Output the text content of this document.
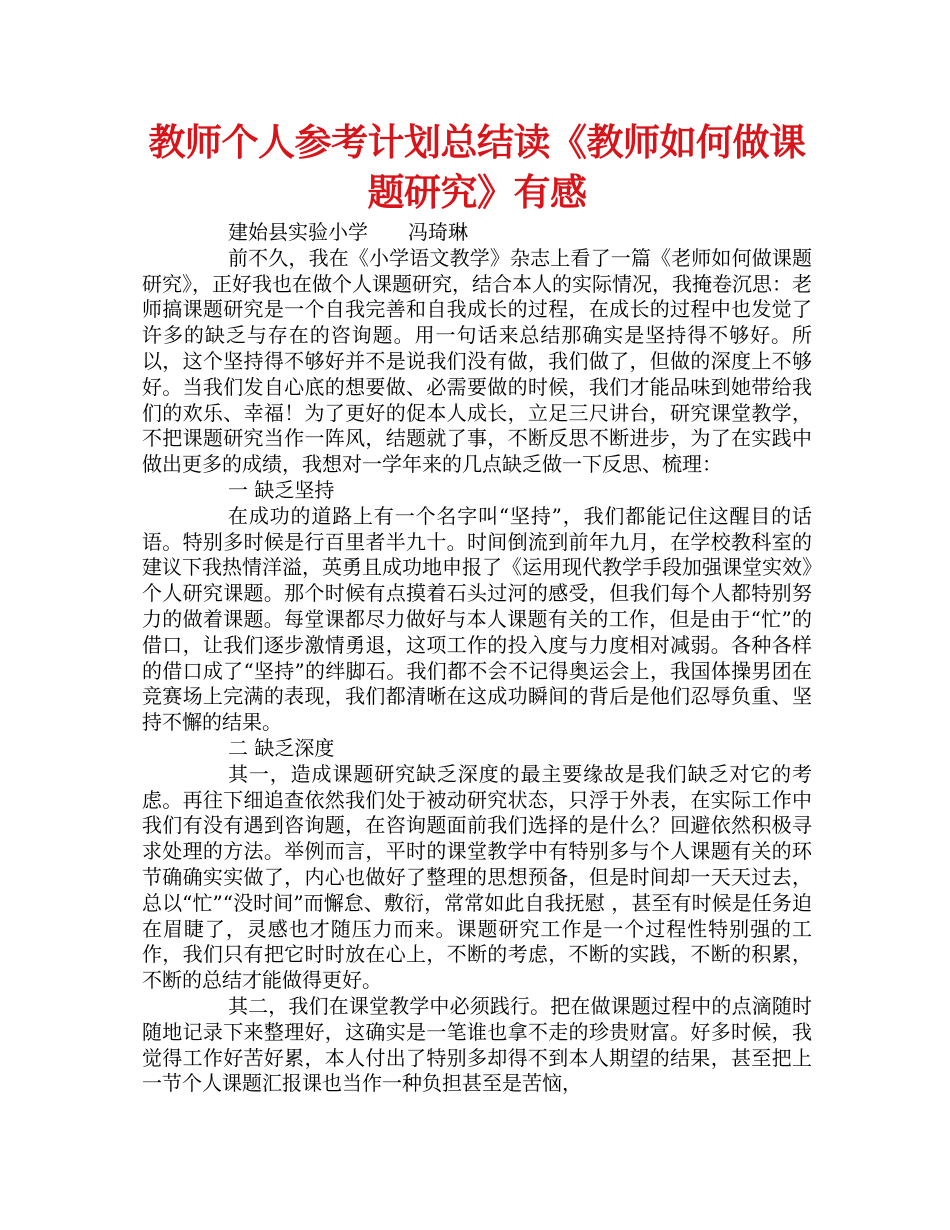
教师个人参考计划总结读《教师如何做课题研究》有感

建始县实验小学　　冯琦琳

前不久，我在《小学语文教学》杂志上看了一篇《老师如何做课题研究》，正好我也在做个人课题研究，结合本人的实际情况，我掩卷沉思：老师搞课题研究是一个自我完善和自我成长的过程，在成长的过程中也发觉了许多的缺乏与存在的咨询题。用一句话来总结那确实是坚持得不够好。所以，这个坚持得不够好并不是说我们没有做，我们做了，但做的深度上不够好。当我们发自心底的想要做、必需要做的时候，我们才能品味到她带给我们的欢乐、幸福！为了更好的促本人成长，立足三尺讲台，研究课堂教学，不把课题研究当作一阵风，结题就了事，不断反思不断进步，为了在实践中做出更多的成绩，我想对一学年来的几点缺乏做一下反思、梳理：

一 缺乏坚持

在成功的道路上有一个名字叫“坚持”，我们都能记住这醒目的话语。特别多时候是行百里者半九十。时间倒流到前年九月，在学校教科室的建议下我热情洋溢，英勇且成功地申报了《运用现代教学手段加强课堂实效》个人研究课题。那个时候有点摸着石头过河的感受，但我们每个人都特别努力的做着课题。每堂课都尽力做好与本人课题有关的工作，但是由于“忙”的借口，让我们逐步激情勇退，这项工作的投入度与力度相对减弱。各种各样的借口成了“坚持”的绊脚石。我们都不会不记得奥运会上，我国体操男团在竞赛场上完满的表现，我们都清晰在这成功瞬间的背后是他们忍辱负重、坚持不懈的结果。

二 缺乏深度

其一，造成课题研究缺乏深度的最主要缘故是我们缺乏对它的考虑。再往下细追查依然我们处于被动研究状态，只浮于外表，在实际工作中我们有没有遇到咨询题，在咨询题面前我们选择的是什么？回避依然积极寻求处理的方法。举例而言，平时的课堂教学中有特别多与个人课题有关的环节确确实实做了，内心也做好了整理的思想预备，但是时间却一天天过去，总以“忙”“没时间”而懈怠、敷衍，常常如此自我抚慰 ，甚至有时候是任务迫在眉睫了，灵感也才随压力而来。课题研究工作是一个过程性特别强的工作，我们只有把它时时放在心上，不断的考虑，不断的实践，不断的积累，不断的总结才能做得更好。

其二，我们在课堂教学中必须践行。把在做课题过程中的点滴随时随地记录下来整理好，这确实是一笔谁也拿不走的珍贵财富。好多时候，我觉得工作好苦好累，本人付出了特别多却得不到本人期望的结果，甚至把上一节个人课题汇报课也当作一种负担甚至是苦恼，
